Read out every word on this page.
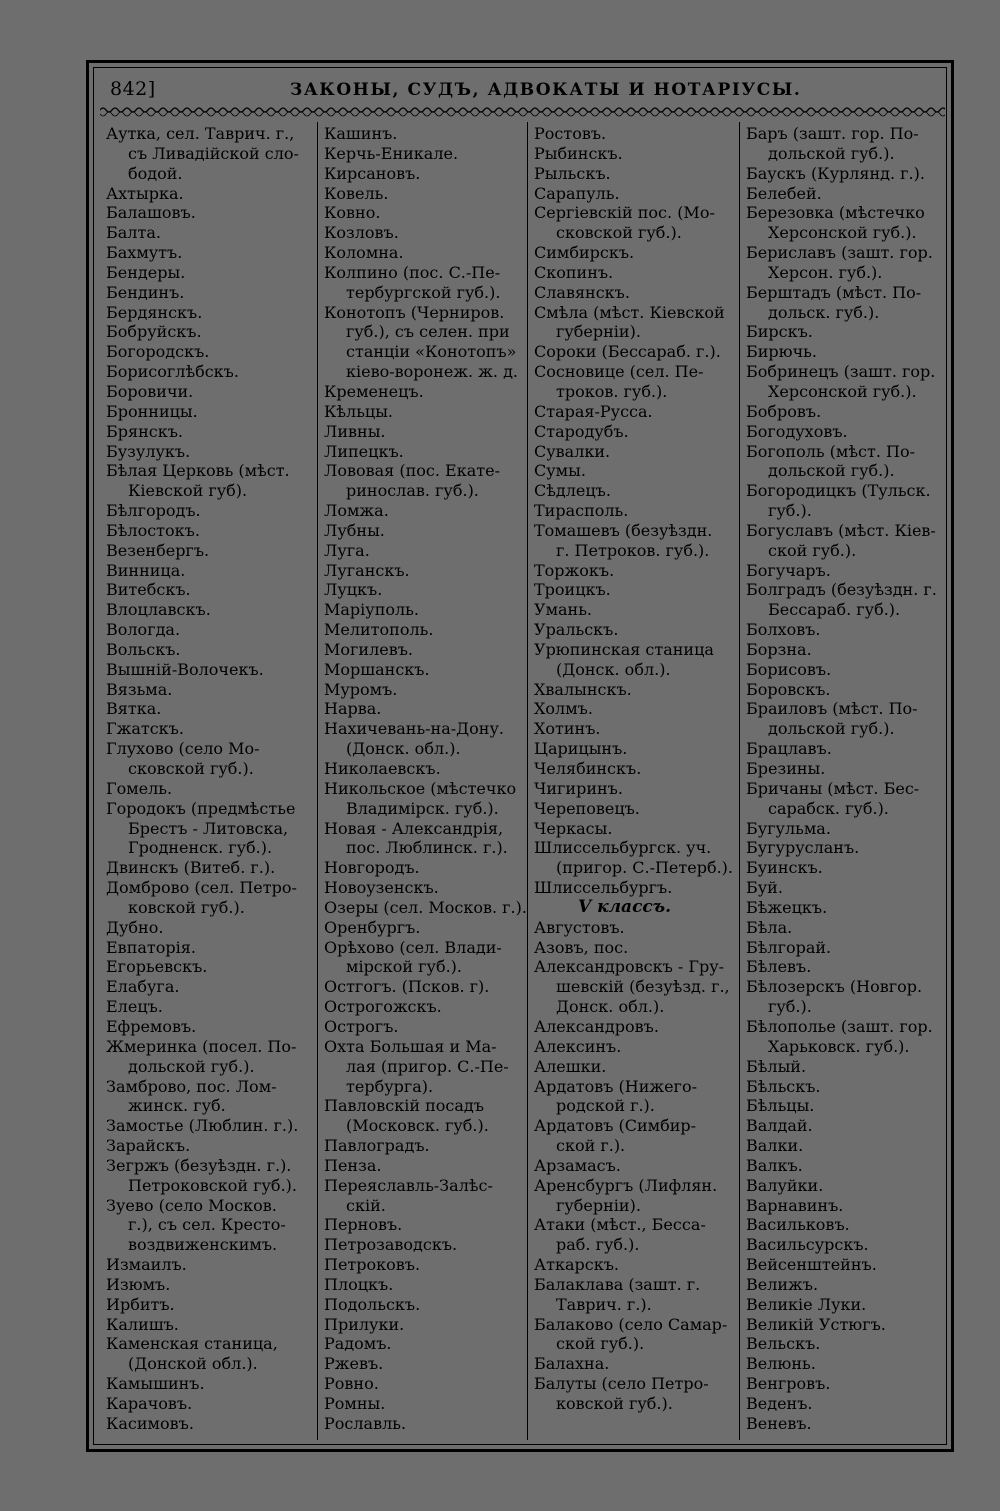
842]	ЗАКОНЫ, СУДЪ, АДВОКАТЫ И НОТАРІУСЫ.
Аутка, сел. Таврич. г.,
съ Ливадійской сло-
бодой.
Ахтырка.
Балашовъ.
Балта.
Бахмутъ.
Бендеры.
Бендинъ.
Бердянскъ.
Бобруйскъ.
Богородскъ.
Борисоглѣбскъ.
Боровичи.
Бронницы.
Брянскъ.
Бузулукъ.
Бѣлая Церковь (мѣст.
Кіевской губ).
Бѣлгородъ.
Бѣлостокъ.
Везенбергъ.
Винница.
Витебскъ.
Влоцлавскъ.
Вологда.
Вольскъ.
Вышній-Волочекъ.
Вязьма.
Вятка.
Гжатскъ.
Глухово (село Мо-
сковской губ.).
Гомель.
Городокъ (предмѣстье
Брестъ - Литовска,
Гродненск. губ.).
Двинскъ (Витеб. г.).
Домброво (сел. Петро-
ковской губ.).
Дубно.
Евпаторія.
Егорьевскъ.
Елабуга.
Елецъ.
Ефремовъ.
Жмеринка (посел. По-
дольской губ.).
Замброво, пос. Лом-
жинск. губ.
Замостье (Люблин. г.).
Зарайскъ.
Зегржъ (безуѣздн. г.).
Петроковской губ.).
Зуево (село Москов.
г.), съ сел. Кресто-
воздвиженскимъ.
Измаилъ.
Изюмъ.
Ирбитъ.
Калишъ.
Каменская станица,
(Донской обл.).
Камышинъ.
Карачовъ.
Касимовъ.
Кашинъ.
Керчь-Еникале.
Кирсановъ.
Ковель.
Ковно.
Козловъ.
Коломна.
Колпино (пос. С.-Пе-
тербургской губ.).
Конотопъ (Черниров.
губ.), съ селен. при
станціи «Конотопъ»
кіево-воронеж. ж. д.
Кременецъ.
Кѣльцы.
Ливны.
Липецкъ.
Лововая (пос. Екате-
ринослав. губ.).
Ломжа.
Лубны.
Луга.
Луганскъ.
Луцкъ.
Маріуполь.
Мелитополь.
Могилевъ.
Моршанскъ.
Муромъ.
Нарва.
Нахичевань-на-Дону.
(Донск. обл.).
Николаевскъ.
Никольское (мѣстечко
Владимірск. губ.).
Новая - Александрія,
пос. Люблинск. г.).
Новгородъ.
Новоузенскъ.
Озеры (сел. Москов. г.).
Оренбургъ.
Орѣхово (сел. Влади-
мірской губ.).
Остгогъ. (Псков. г).
Острогожскъ.
Острогъ.
Охта Большая и Ма-
лая (пригор. С.-Пе-
тербурга).
Павловскій посадъ
(Московск. губ.).
Павлоградъ.
Пенза.
Переяславль-Залѣс-
скій.
Перновъ.
Петрозаводскъ.
Петроковъ.
Плоцкъ.
Подольскъ.
Прилуки.
Радомъ.
Ржевъ.
Ровно.
Ромны.
Рославль.
Ростовъ.
Рыбинскъ.
Рыльскъ.
Сарапуль.
Сергіевскій пос. (Мо-
сковской губ.).
Симбирскъ.
Скопинъ.
Славянскъ.
Смѣла (мѣст. Кіевской
губерніи).
Сороки (Бессараб. г.).
Сосновице (сел. Пе-
троков. губ.).
Старая-Русса.
Стародубъ.
Сувалки.
Сумы.
Сѣдлецъ.
Тирасполь.
Томашевъ (безуѣздн.
г. Петроков. губ.).
Торжокъ.
Троицкъ.
Умань.
Уральскъ.
Урюпинская станица
(Донск. обл.).
Хвалынскъ.
Холмъ.
Хотинъ.
Царицынъ.
Челябинскъ.
Чигиринъ.
Череповецъ.
Черкасы.
Шлиссельбургск. уч.
(пригор. С.-Петерб.).
Шлиссельбургъ.
V классъ.
Августовъ.
Азовъ, пос.
Александровскъ - Гру-
шевскій (безуѣзд. г.,
Донск. обл.).
Александровъ.
Алексинъ.
Алешки.
Ардатовъ (Нижего-
родской г.).
Ардатовъ (Симбир-
ской г.).
Арзамасъ.
Аренсбургъ (Лифлян.
губерніи).
Атаки (мѣст., Бесса-
раб. губ.).
Аткарскъ.
Балаклава (зашт. г.
Таврич. г.).
Балаково (село Самар-
ской губ.).
Балахна.
Балуты (село Петро-
ковской губ.).
Баръ (зашт. гор. По-
дольской губ.).
Баускъ (Курлянд. г.).
Белебей.
Березовка (мѣстечко
Херсонской губ.).
Бериславъ (зашт. гор.
Херсон. губ.).
Берштадъ (мѣст. По-
дольск. губ.).
Бирскъ.
Бирючь.
Бобринецъ (зашт. гор.
Херсонской губ.).
Бобровъ.
Богодуховъ.
Богополь (мѣст. По-
дольской губ.).
Богородицкъ (Тульск.
губ.).
Богуславъ (мѣст. Кіев-
ской губ.).
Богучаръ.
Болградъ (безуѣздн. г.
Бессараб. губ.).
Болховъ.
Борзна.
Борисовъ.
Боровскъ.
Браиловъ (мѣст. По-
дольской губ.).
Брацлавъ.
Брезины.
Бричаны (мѣст. Бес-
сарабск. губ.).
Бугульма.
Бугурусланъ.
Буинскъ.
Буй.
Бѣжецкъ.
Бѣла.
Бѣлгорай.
Бѣлевъ.
Бѣлозерскъ (Новгор.
губ.).
Бѣлополье (зашт. гор.
Харьковск. губ.).
Бѣлый.
Бѣльскъ.
Бѣльцы.
Валдай.
Валки.
Валкъ.
Валуйки.
Варнавинъ.
Васильковъ.
Васильсурскъ.
Вейсенштейнъ.
Велижъ.
Великіе Луки.
Великій Устюгъ.
Вельскъ.
Велюнь.
Венгровъ.
Веденъ.
Веневъ.
